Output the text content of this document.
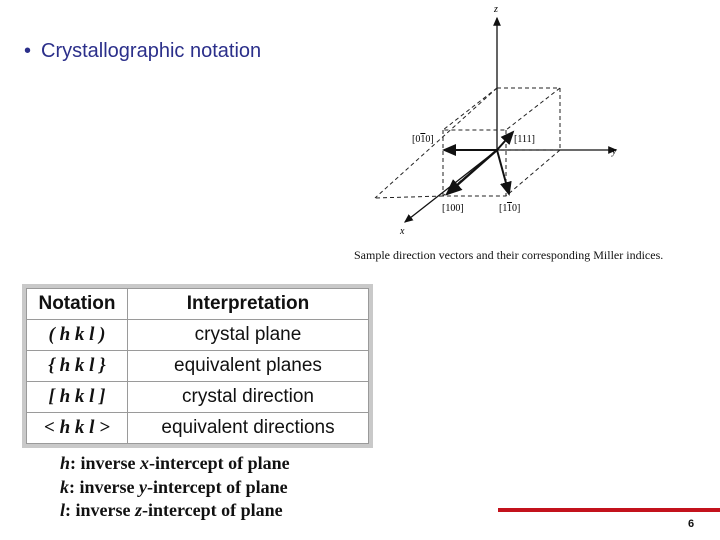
• Crystallographic notation
z
y
x
[010]	[111]
[100]	[110]
Sample direction vectors and their corresponding Miller indices.
Notation	Interpretation
( h k l )	crystal plane
{ h k l }	equivalent planes
[ h k l ]	crystal direction
< h k l >	equivalent directions
h: inverse x-intercept of plane
k: inverse y-intercept of plane
l: inverse z-intercept of plane
6
